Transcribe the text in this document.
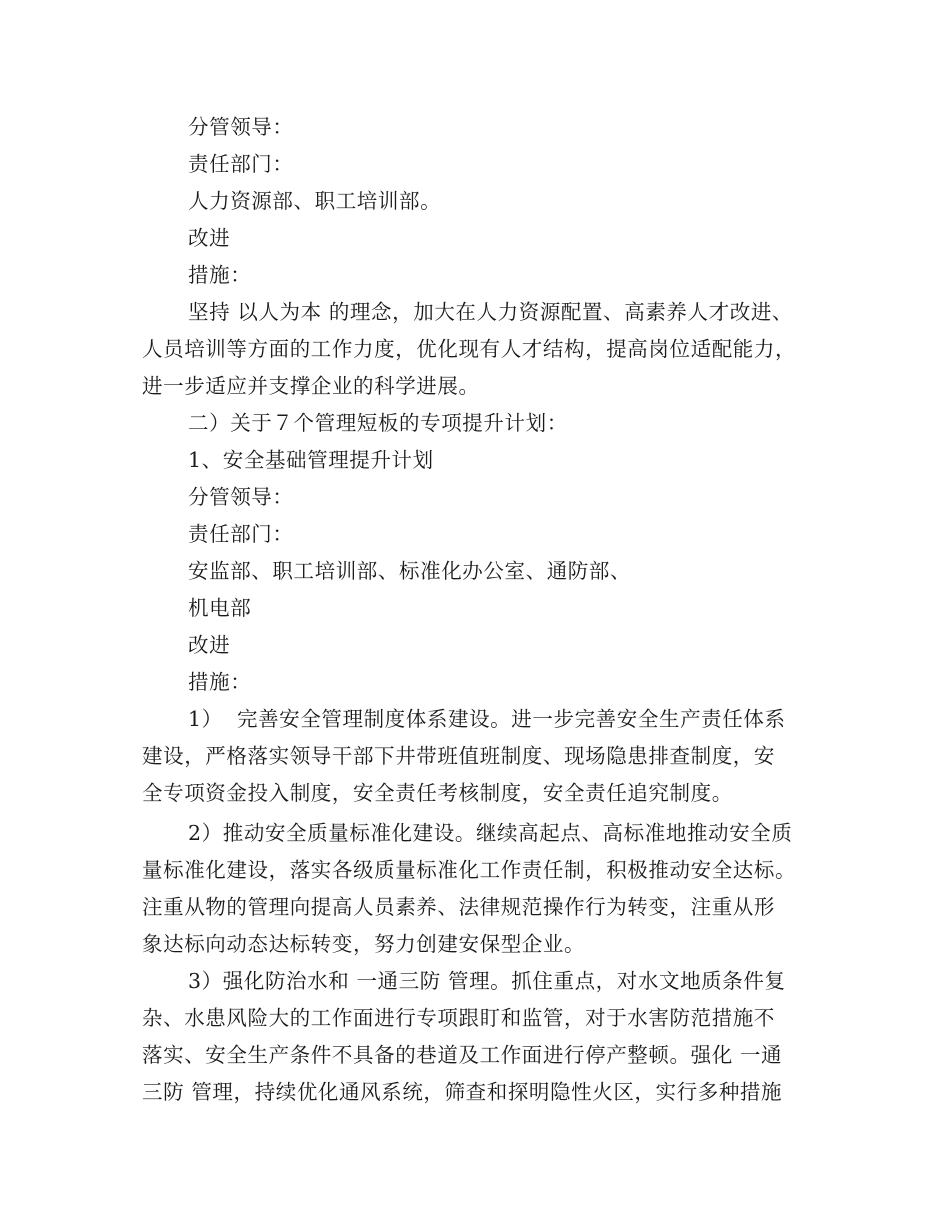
分管领导：
责任部门：
人力资源部、职工培训部。
改进
措施：
坚持 以人为本 的理念，加大在人力资源配置、高素养人才改进、
人员培训等方面的工作力度，优化现有人才结构，提高岗位适配能力，
进一步适应并支撑企业的科学进展。
二）关于７个管理短板的专项提升计划：
1、安全基础管理提升计划
分管领导：
责任部门：
安监部、职工培训部、标准化办公室、通防部、
机电部
改进
措施：
1）  完善安全管理制度体系建设。进一步完善安全生产责任体系
建设，严格落实领导干部下井带班值班制度、现场隐患排查制度，安
全专项资金投入制度，安全责任考核制度，安全责任追究制度。
2）推动安全质量标准化建设。继续高起点、高标准地推动安全质
量标准化建设，落实各级质量标准化工作责任制，积极推动安全达标。
注重从物的管理向提高人员素养、法律规范操作行为转变，注重从形
象达标向动态达标转变，努力创建安保型企业。
3）强化防治水和 一通三防 管理。抓住重点，对水文地质条件复
杂、水患风险大的工作面进行专项跟盯和监管，对于水害防范措施不
落实、安全生产条件不具备的巷道及工作面进行停产整顿。强化 一通
三防 管理，持续优化通风系统，筛查和探明隐性火区，实行多种措施
